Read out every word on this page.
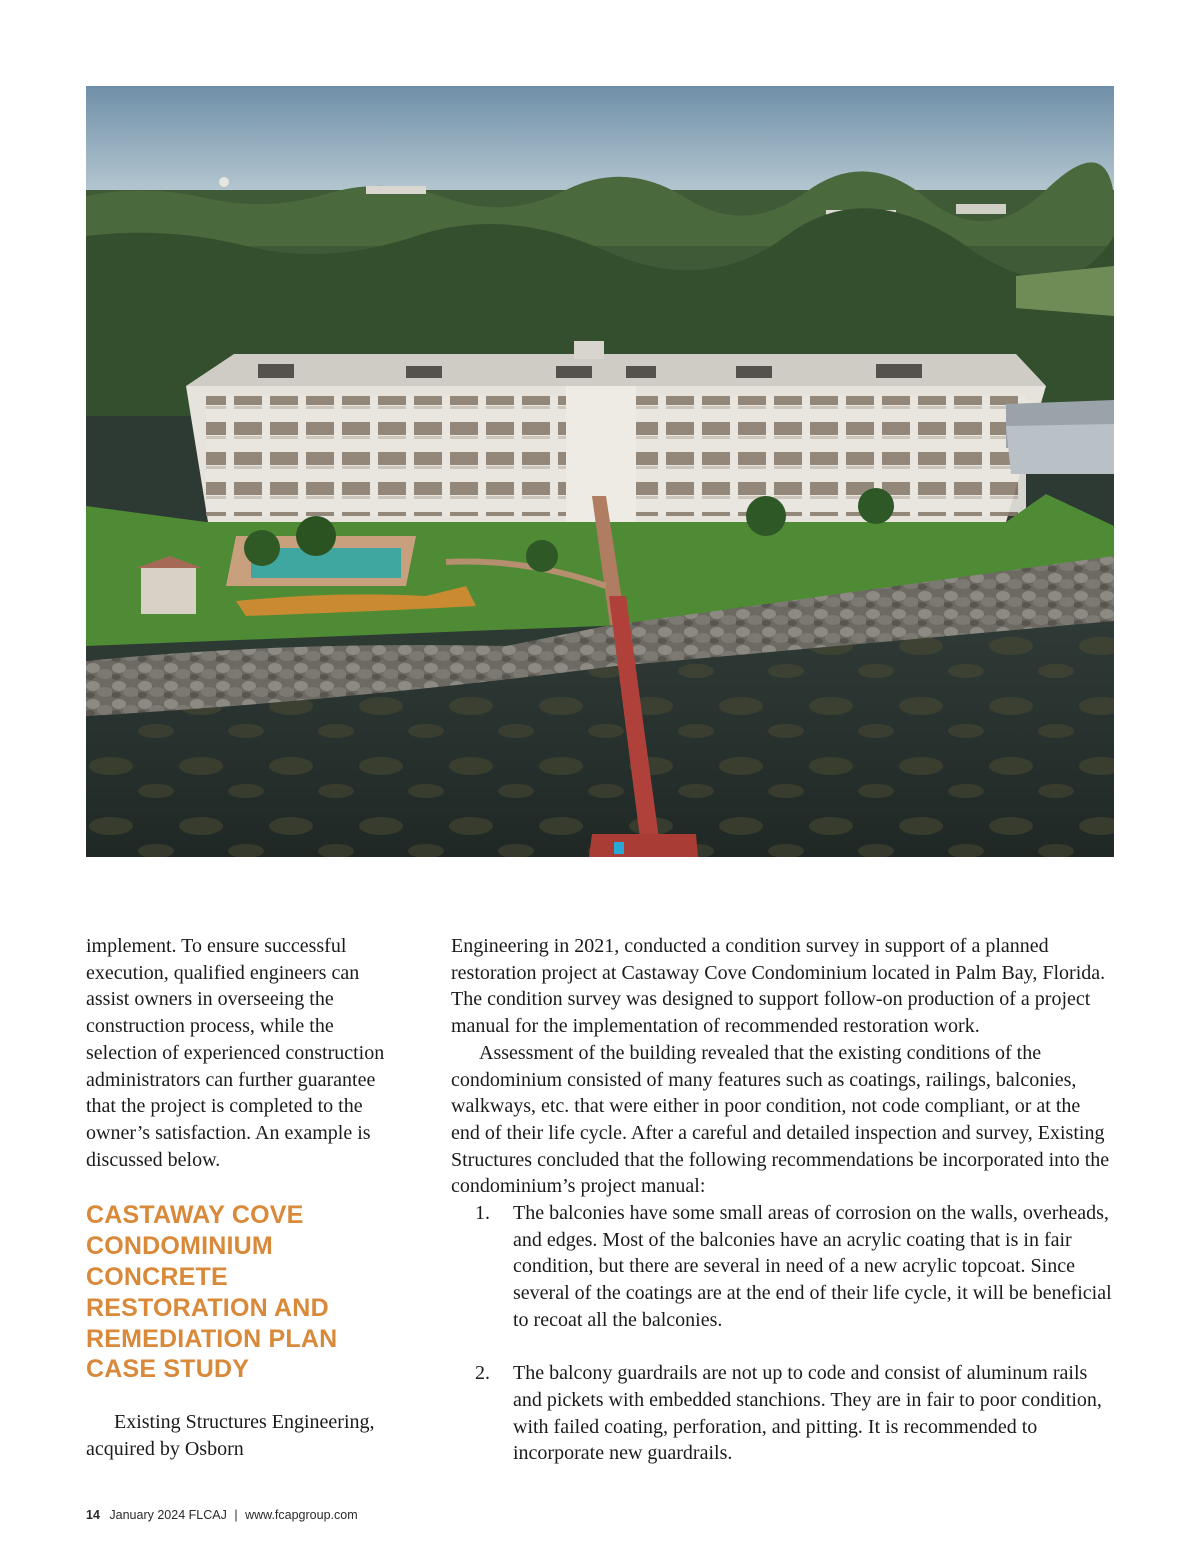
implement. To ensure successful execution, qualified engineers can assist owners in overseeing the construction process, while the selection of experienced construction administrators can further guarantee that the project is completed to the owner’s satisfaction. An example is discussed below.

CASTAWAY COVE CONDOMINIUM CONCRETE RESTORATION AND REMEDIATION PLAN CASE STUDY

Existing Structures Engineering, acquired by Osborn

Engineering in 2021, conducted a condition survey in support of a planned restoration project at Castaway Cove Condominium located in Palm Bay, Florida. The condition survey was designed to support follow-on production of a project manual for the implementation of recommended restoration work.

Assessment of the building revealed that the existing conditions of the condominium consisted of many features such as coatings, railings, balconies, walkways, etc. that were either in poor condition, not code compliant, or at the end of their life cycle. After a careful and detailed inspection and survey, Existing Structures concluded that the following recommendations be incorporated into the condominium’s project manual:

1. The balconies have some small areas of corrosion on the walls, overheads, and edges. Most of the balconies have an acrylic coating that is in fair condition, but there are several in need of a new acrylic topcoat. Since several of the coatings are at the end of their life cycle, it will be beneficial to recoat all the balconies.
2. The balcony guardrails are not up to code and consist of aluminum rails and pickets with embedded stanchions. They are in fair to poor condition, with failed coating, perforation, and pitting. It is recommended to incorporate new guardrails.
14 January 2024 FLCAJ | www.fcapgroup.com
